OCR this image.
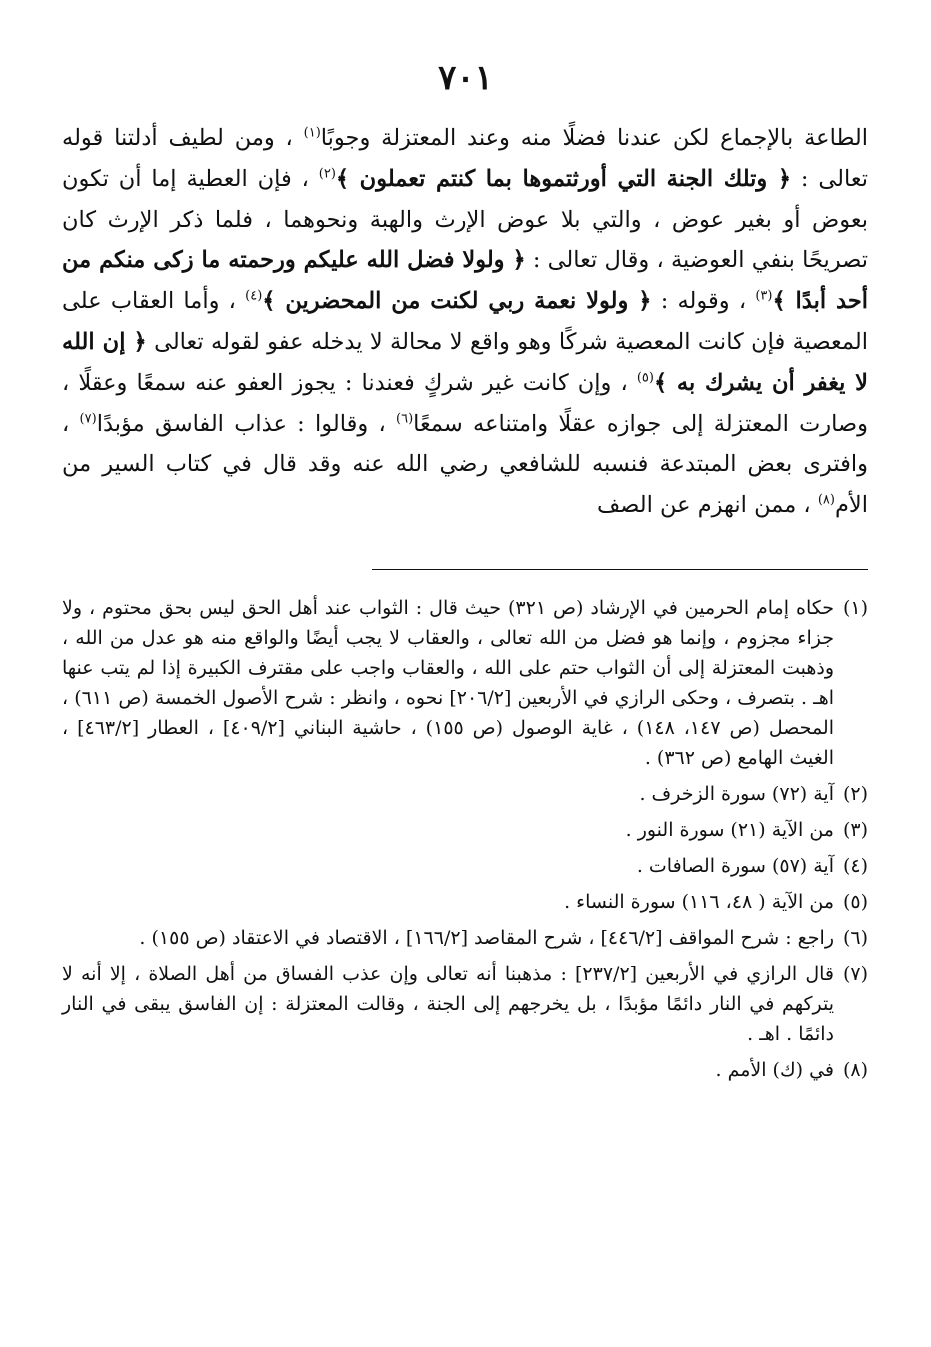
٧٠١

الطاعة بالإجماع لكن عندنا فضلًا منه وعند المعتزلة وجوبًا$^{(١)}$ ، ومن لطيف أدلتنا قوله تعالى : ﴿ وتلك الجنة التي أورثتموها بما كنتم تعملون ﴾$^{(٢)}$ ، فإن العطية إما أن تكون بعوض أو بغير عوض ، والتي بلا عوض الإرث والهبة ونحوهما ، فلما ذكر الإرث كان تصريحًا بنفي العوضية ، وقال تعالى : ﴿ ولولا فضل الله عليكم ورحمته ما زكى منكم من أحد أبدًا ﴾$^{(٣)}$ ، وقوله : ﴿ ولولا نعمة ربي لكنت من المحضرين ﴾$^{(٤)}$ ، وأما العقاب على المعصية فإن كانت المعصية شركًا وهو واقع لا محالة لا يدخله عفو لقوله تعالى ﴿ إن الله لا يغفر أن يشرك به ﴾$^{(٥)}$ ، وإن كانت غير شركٍ فعندنا : يجوز العفو عنه سمعًا وعقلًا ، وصارت المعتزلة إلى جوازه عقلًا وامتناعه سمعًا$^{(٦)}$ ، وقالوا : عذاب الفاسق مؤبدًا$^{(٧)}$ ، وافترى بعض المبتدعة فنسبه للشافعي رضي الله عنه وقد قال في كتاب السير من الأم$^{(٨)}$ ، ممن انهزم عن الصف

(١)
حكاه إمام الحرمين في الإرشاد (ص ٣٢١) حيث قال : الثواب عند أهل الحق ليس بحق محتوم ، ولا جزاء مجزوم ، وإنما هو فضل من الله تعالى ، والعقاب لا يجب أيضًا والواقع منه هو عدل من الله ، وذهبت المعتزلة إلى أن الثواب حتم على الله ، والعقاب واجب على مقترف الكبيرة إذا لم يتب عنها اهـ . بتصرف ، وحكى الرازي في الأربعين [٢٠٦/٢] نحوه ، وانظر : شرح الأصول الخمسة (ص ٦١١) ، المحصل (ص ١٤٧، ١٤٨) ، غاية الوصول (ص ١٥٥) ، حاشية البناني [٤٠٩/٢] ، العطار [٤٦٣/٢] ، الغيث الهامع (ص ٣٦٢) .
(٢)
آية (٧٢) سورة الزخرف .
(٣)
من الآية (٢١) سورة النور .
(٤)
آية (٥٧) سورة الصافات .
(٥)
من الآية ( ٤٨، ١١٦) سورة النساء .
(٦)
راجع : شرح المواقف [٤٤٦/٢] ، شرح المقاصد [١٦٦/٢] ، الاقتصاد في الاعتقاد (ص ١٥٥) .
(٧)
قال الرازي في الأربعين [٢٣٧/٢] : مذهبنا أنه تعالى وإن عذب الفساق من أهل الصلاة ، إلا أنه لا يتركهم في النار دائمًا مؤبدًا ، بل يخرجهم إلى الجنة ، وقالت المعتزلة : إن الفاسق يبقى في النار دائمًا . اهـ .
(٨)
في (ك) الأمم .
